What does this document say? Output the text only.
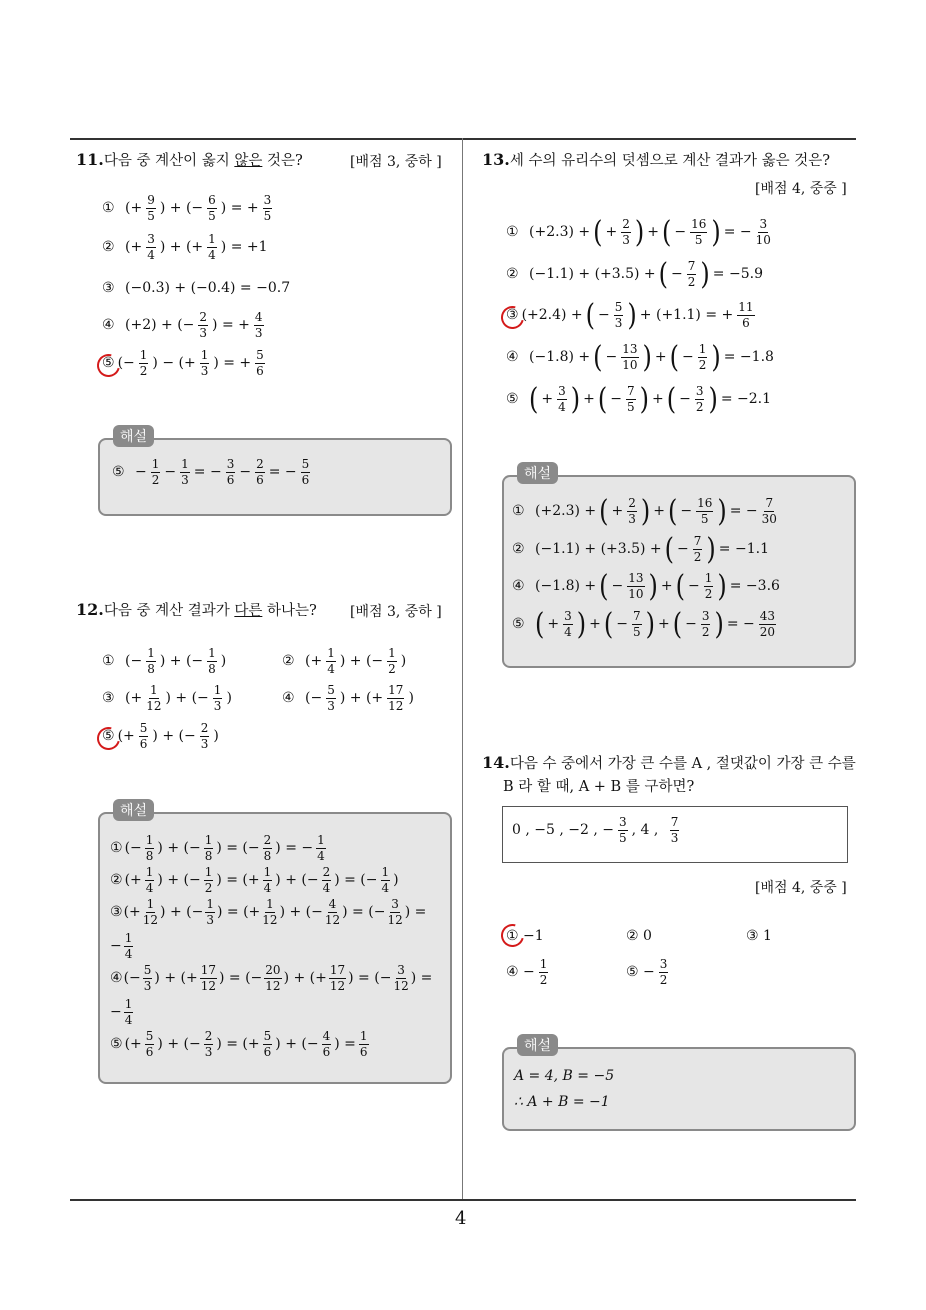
4
11.다음 중 계산이 옳지 않은 것은?	[배점 3, 중하 ]
①
(+ $\frac{9}{5}$ ) + (− $\frac{6}{5}$ ) = + $\frac{3}{5}$
②
(+ $\frac{3}{4}$ ) + (+ $\frac{1}{4}$ ) = +1
③
(−0.3) + (−0.4) = −0.7
④
(+2) + (− $\frac{2}{3}$ ) = + $\frac{4}{3}$
⑤ (− $\frac{1}{2}$ ) − (+ $\frac{1}{3}$ ) = + $\frac{5}{6}$
해설
⑤
− $\frac{1}{2} - \frac{1}{3}$ = − $\frac{3}{6} - \frac{2}{6}$ = − $\frac{5}{6}$
12.다음 중 계산 결과가 다른 하나는? [배점 3, 중하 ]
①
(− $\frac{1}{8}$ ) + (− $\frac{1}{8}$ )	②
(+ $\frac{1}{4}$ ) + (− $\frac{1}{2}$ )
③
(+ $\frac{1}{12}$ ) + (− $\frac{1}{3}$ )	④
(− $\frac{5}{3}$ ) + (+ $\frac{17}{12}$ )
⑤ (+ $\frac{5}{6}$ ) + (− $\frac{2}{3}$ )
해설
① (− $\frac{1}{8}$ ) + (− $\frac{1}{8}$ ) = (− $\frac{2}{8}$ ) = − $\frac{1}{4}$
② (+ $\frac{1}{4}$ ) + (− $\frac{1}{2}$ ) = (+ $\frac{1}{4}$ ) + (− $\frac{2}{4}$ ) = (− $\frac{1}{4}$ )
③ (+ $\frac{1}{12}$ ) + (− $\frac{1}{3}$ ) = (+ $\frac{1}{12}$ ) + (− $\frac{4}{12}$ ) = (− $\frac{3}{12}$ ) =
− $\frac{1}{4}$
④ (− $\frac{5}{3}$ ) + (+ $\frac{17}{12}$ ) = (− $\frac{20}{12}$ ) + (+ $\frac{17}{12}$ ) = (− $\frac{3}{12}$ ) =
− $\frac{1}{4}$
⑤ (+ $\frac{5}{6}$ ) + (− $\frac{2}{3}$ ) = (+ $\frac{5}{6}$ ) + (− $\frac{4}{6}$ ) = $\frac{1}{6}$
13.세 수의 유리수의 덧셈으로 계산 결과가 옳은 것은?
[배점 4, 중중 ]
①
(+2.3) + ( + $\frac{2}{3}$ ) + ( − $\frac{16}{5}$ ) = − $\frac{3}{10}$
②
(−1.1) + (+3.5) + ( − $\frac{7}{2}$ ) = −5.9
③ (+2.4) + ( − $\frac{5}{3}$ ) + (+1.1) = + $\frac{11}{6}$
④
(−1.8) + ( − $\frac{13}{10}$ ) + ( − $\frac{1}{2}$ ) = −1.8
⑤
( + $\frac{3}{4}$ ) + ( − $\frac{7}{5}$ ) + ( − $\frac{3}{2}$ ) = −2.1
해설
①
(+2.3) + ( + $\frac{2}{3}$ ) + ( − $\frac{16}{5}$ ) = − $\frac{7}{30}$
②
(−1.1) + (+3.5) + ( − $\frac{7}{2}$ ) = −1.1
④
(−1.8) + ( − $\frac{13}{10}$ ) + ( − $\frac{1}{2}$ ) = −3.6
⑤
( + $\frac{3}{4}$ ) + ( − $\frac{7}{5}$ ) + ( − $\frac{3}{2}$ ) = − $\frac{43}{20}$
14.다음 수 중에서 가장 큰 수를 A , 절댓값이 가장 큰 수를
B 라 할 때, A + B 를 구하면?
0 , −5 , −2 , − $\frac{3}{5}$ , 4 ,

7
3
[배점 4, 중중 ]
① −1	② 0	③ 1
④ − $\frac{1}{2}$	⑤ − $\frac{3}{2}$
해설
A = 4, B = −5
∴ A + B = −1
